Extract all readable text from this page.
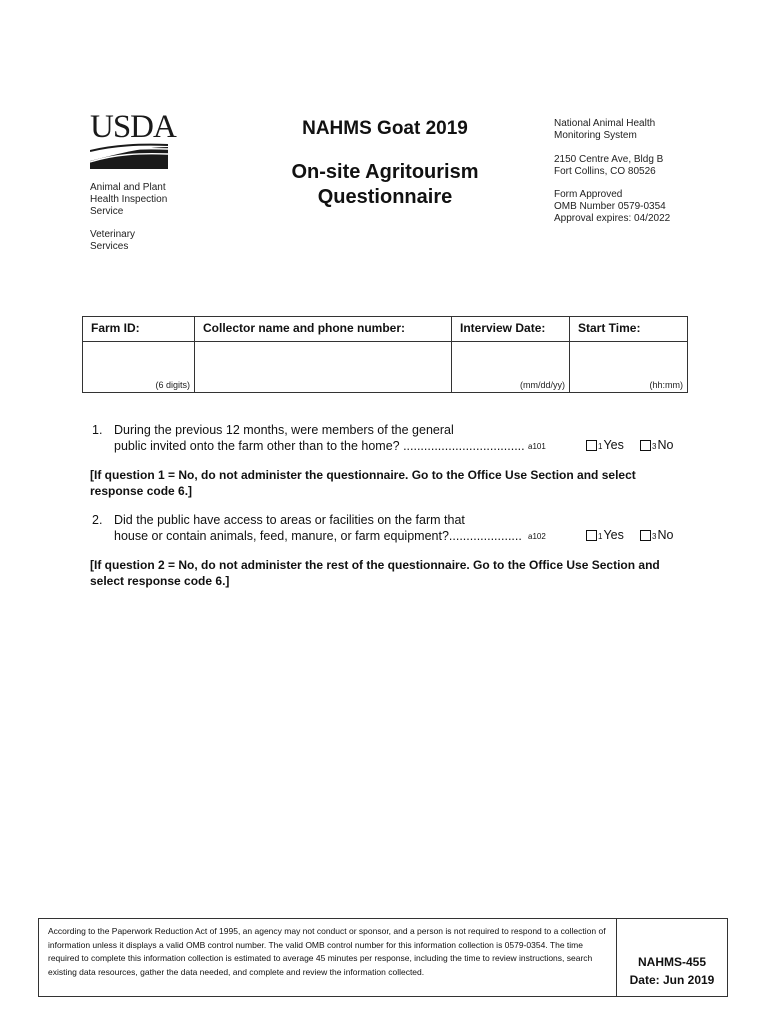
USDA
Animal and Plant
Health Inspection
Service
Veterinary
Services
NAHMS Goat 2019
On-site Agritourism
Questionnaire
National Animal Health
Monitoring System
2150 Centre Ave, Bldg B
Fort Collins, CO 80526
Form Approved
OMB Number 0579-0354
Approval expires: 04/2022
Farm ID:	Collector name and phone number:	Interview Date:	Start Time:

(6 digits)		(mm/dd/yy)	(hh:mm)
1. During the previous 12 months, were members of the general
public invited onto the farm other than to the home? ................................... a101	1 Yes	3 No
[If question 1 = No, do not administer the questionnaire. Go to the Office Use Section and select response code 6.]
2. Did the public have access to areas or facilities on the farm that
house or contain animals, feed, manure, or farm equipment?..................... a102	1 Yes	3 No
[If question 2 = No, do not administer the rest of the questionnaire. Go to the Office Use Section and select response code 6.]
According to the Paperwork Reduction Act of 1995, an agency may not conduct or sponsor, and a person is not required to respond to a collection of information unless it displays a valid OMB control number. The valid OMB control number for this information collection is 0579-0354. The time required to complete this information collection is estimated to average 45 minutes per response, including the time to review instructions, search existing data resources, gather the data needed, and complete and review the information collected.
NAHMS-455
Date: Jun 2019
